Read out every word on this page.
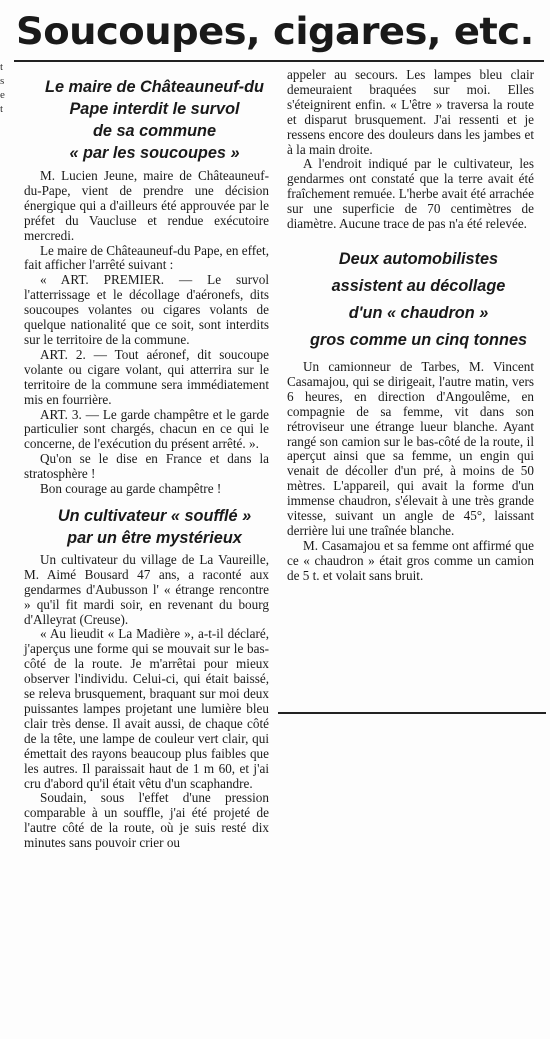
t
s
e
t
Soucoupes, cigares, etc.

Le maire de Châteauneuf-du

Pape interdit le survol

de sa commune

« par les soucoupes »

M. Lucien Jeune, maire de Châteauneuf-du-Pape, vient de prendre une décision énergique qui a d'ailleurs été approuvée par le préfet du Vaucluse et rendue exécutoire mercredi.

Le maire de Châteauneuf-du Pape, en effet, fait afficher l'arrêté suivant :

« ART. PREMIER. — Le survol l'atterrissage et le décollage d'aéronefs, dits soucoupes volantes ou cigares volants de quelque nationalité que ce soit, sont interdits sur le territoire de la commune.

ART. 2. — Tout aéronef, dit soucoupe volante ou cigare volant, qui atterrira sur le territoire de la commune sera immédiatement mis en fourrière.

ART. 3. — Le garde champêtre et le garde particulier sont chargés, chacun en ce qui le concerne, de l'exécution du présent arrêté. ».

Qu'on se le dise en France et dans la stratosphère !

Bon courage au garde champêtre !

Un cultivateur « soufflé »

par un être mystérieux

Un cultivateur du village de La Vaureille, M. Aimé Bousard 47 ans, a raconté aux gendarmes d'Aubusson l' « étrange rencontre » qu'il fit mardi soir, en revenant du bourg d'Alleyrat (Creuse).

« Au lieudit « La Madière », a-t-il déclaré, j'aperçus une forme qui se mouvait sur le bas-côté de la route. Je m'arrêtai pour mieux observer l'individu. Celui-ci, qui était baissé, se releva brusquement, braquant sur moi deux puissantes lampes projetant une lumière bleu clair très dense. Il avait aussi, de chaque côté de la tête, une lampe de couleur vert clair, qui émettait des rayons beaucoup plus faibles que les autres. Il paraissait haut de 1 m 60, et j'ai cru d'abord qu'il était vêtu d'un scaphandre.

Soudain, sous l'effet d'une pression comparable à un souffle, j'ai été projeté de l'autre côté de la route, où je suis resté dix minutes sans pouvoir crier ou

appeler au secours. Les lampes bleu clair demeuraient braquées sur moi. Elles s'éteignirent enfin. « L'être » traversa la route et disparut brusquement. J'ai ressenti et je ressens encore des douleurs dans les jambes et à la main droite.

A l'endroit indiqué par le cultivateur, les gendarmes ont constaté que la terre avait été fraîchement remuée. L'herbe avait été arrachée sur une superficie de 70 centimètres de diamètre. Aucune trace de pas n'a été relevée.

Deux automobilistes

assistent au décollage

d'un « chaudron »

gros comme un cinq tonnes

Un camionneur de Tarbes, M. Vincent Casamajou, qui se dirigeait, l'autre matin, vers 6 heures, en direction d'Angoulême, en compagnie de sa femme, vit dans son rétroviseur une étrange lueur blanche. Ayant rangé son camion sur le bas-côté de la route, il aperçut ainsi que sa femme, un engin qui venait de décoller d'un pré, à moins de 50 mètres. L'appareil, qui avait la forme d'un immense chaudron, s'élevait à une très grande vitesse, suivant un angle de 45°, laissant derrière lui une traînée blanche.

M. Casamajou et sa femme ont affirmé que ce « chaudron » était gros comme un camion de 5 t. et volait sans bruit.
